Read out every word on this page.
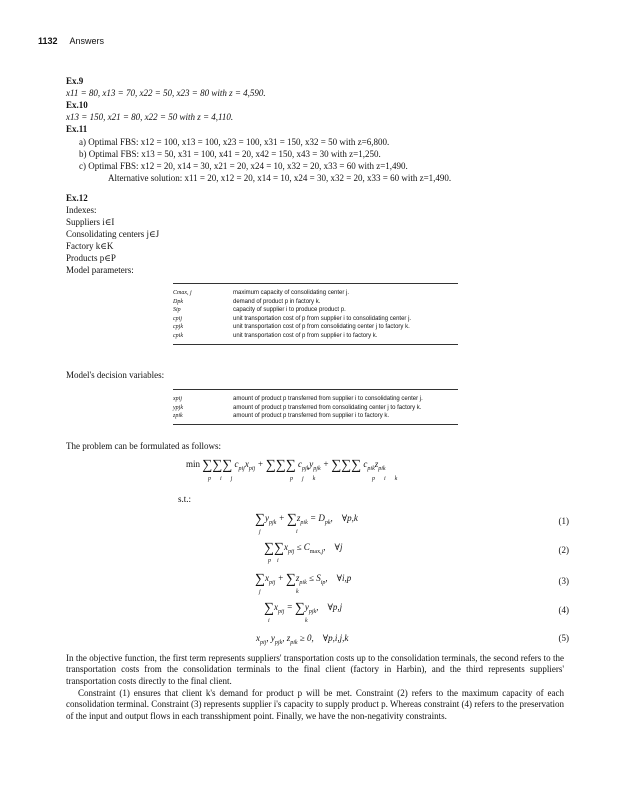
1132 Answers
Ex.9
x11 = 80, x13 = 70, x22 = 50, x23 = 80 with z = 4,590.
Ex.10
x13 = 150, x21 = 80, x22 = 50 with z = 4,110.
Ex.11
a) Optimal FBS: x12 = 100, x13 = 100, x23 = 100, x31 = 150, x32 = 50 with z=6,800.
b) Optimal FBS: x13 = 50, x31 = 100, x41 = 20, x42 = 150, x43 = 30 with z=1,250.
c) Optimal FBS: x12 = 20, x14 = 30, x21 = 20, x24 = 10, x32 = 20, x33 = 60 with z=1,490.
Alternative solution: x11 = 20, x12 = 20, x14 = 10, x24 = 30, x32 = 20, x33 = 60 with z=1,490.
Ex.12
Indexes:
Suppliers i∈I
Consolidating centers j∈J
Factory k∈K
Products p∈P
Model parameters:
Cmax, j	maximum capacity of consolidating center j.
Dpk	demand of product p in factory k.
Sip	capacity of supplier i to produce product p.
cpij	unit transportation cost of p from supplier i to consolidating center j.
cpjk	unit transportation cost of p from consolidating center j to factory k.
cpik	unit transportation cost of p from supplier i to factory k.
Model's decision variables:
xpij	amount of product p transferred from supplier i to consolidating center j.
ypjk	amount of product p transferred from consolidating center j to factory k.
zpik	amount of product p transferred from supplier i to factory k.
The problem can be formulated as follows:
min ∑∑∑ $c_{pij}x_{pij}$ + ∑∑∑ $c_{pjk}y_{pjk}$ + ∑∑∑ $c_{pik}z_{pik}$
p      i      j	p      j      k	p      i      k
s.t.:
$\sum y_{pjk} + \sum z_{pik} = D_{pk}$,    ∀p,k
j	i
(1)
$\sum\sum x_{pij} \le C_{max,j}$,    ∀j
p    i
(2)
$\sum x_{pij} + \sum z_{pik} \le S_{ip}$,    ∀i,p
j	k
(3)
$\sum x_{pij} = \sum y_{pjk}$,    ∀p,j
i	k
(4)
$x_{pij}$, $y_{pjk}$, $z_{pik} \ge 0$,    ∀p,i,j,k	(5)
In the objective function, the first term represents suppliers' transportation costs up to the consolidation terminals, the second refers to the transportation costs from the consolidation terminals to the final client (factory in Harbin), and the third represents suppliers' transportation costs directly to the final client.
Constraint (1) ensures that client k's demand for product p will be met. Constraint (2) refers to the maximum capacity of each consolidation terminal. Constraint (3) represents supplier i's capacity to supply product p. Whereas constraint (4) refers to the preservation of the input and output flows in each transshipment point. Finally, we have the non-negativity constraints.
